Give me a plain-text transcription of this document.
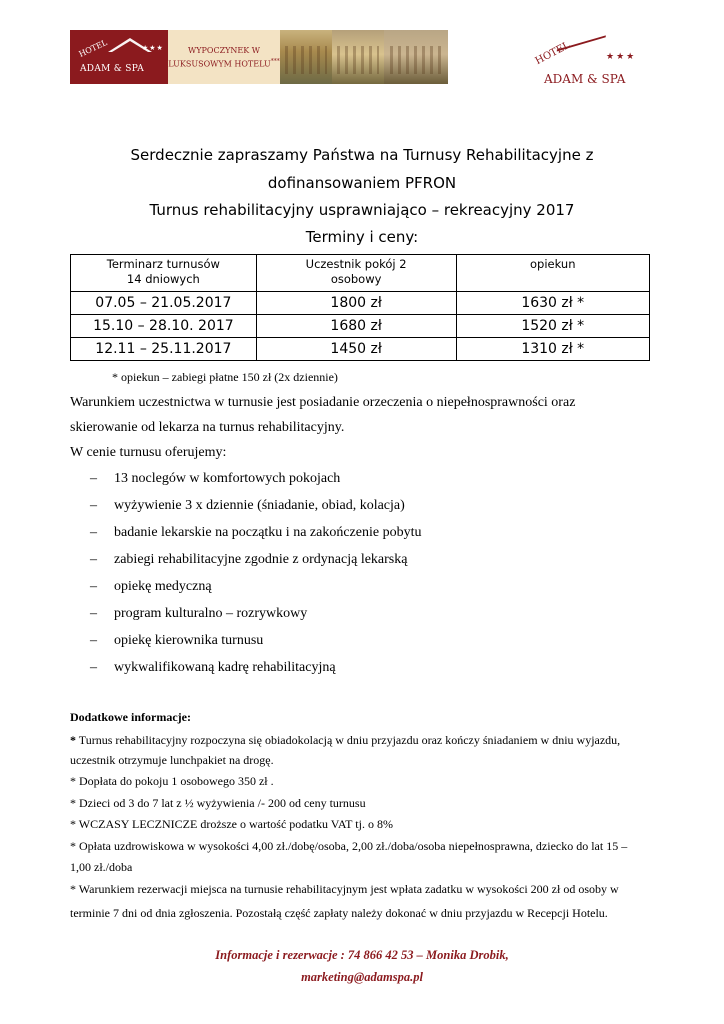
HOTEL	★★★
ADAM & SPA
WYPOCZYNEK W
LUKSUSOWYM HOTELU***	HOTEL	★★★
ADAM & SPA
Serdecznie zapraszamy Państwa na Turnusy Rehabilitacyjne z
dofinansowaniem PFRON
Turnus rehabilitacyjny usprawniająco – rekreacyjny 2017
Terminy i ceny:
Terminarz turnusów 14 dniowych	Uczestnik pokój 2 osobowy	opiekun
07.05 – 21.05.2017	1800 zł	1630 zł *
15.10 – 28.10. 2017	1680 zł	1520 zł *
12.11 – 25.11.2017	1450 zł	1310 zł *
* opiekun – zabiegi płatne 150 zł (2x dziennie)
Warunkiem uczestnictwa w turnusie jest posiadanie orzeczenia o niepełnosprawności oraz
skierowanie od lekarza na turnus rehabilitacyjny.
W cenie turnusu oferujemy:
– 13 noclegów w komfortowych pokojach
– wyżywienie 3 x dziennie (śniadanie, obiad, kolacja)
– badanie lekarskie na początku i na zakończenie pobytu
– zabiegi rehabilitacyjne zgodnie z ordynacją lekarską
– opiekę medyczną
– program kulturalno – rozrywkowy
– opiekę kierownika turnusu
– wykwalifikowaną kadrę rehabilitacyjną
Dodatkowe informacje:
* Turnus rehabilitacyjny rozpoczyna się obiadokolacją w dniu przyjazdu oraz kończy śniadaniem w dniu wyjazdu,
uczestnik otrzymuje lunchpakiet na drogę.
* Dopłata do pokoju 1 osobowego 350 zł .
* Dzieci od 3 do 7 lat z ½ wyżywienia /- 200 od ceny turnusu
* WCZASY LECZNICZE droższe o wartość podatku VAT tj. o 8%
* Opłata uzdrowiskowa w wysokości 4,00 zł./dobę/osoba, 2,00 zł./doba/osoba niepełnosprawna, dziecko do lat 15 –
1,00 zł./doba
* Warunkiem rezerwacji miejsca na turnusie rehabilitacyjnym jest wpłata zadatku w wysokości 200 zł od osoby w
terminie 7 dni od dnia zgłoszenia. Pozostałą część zapłaty należy dokonać w dniu przyjazdu w Recepcji Hotelu.
Informacje i rezerwacje : 74 866 42 53 – Monika Drobik,
marketing@adamspa.pl
